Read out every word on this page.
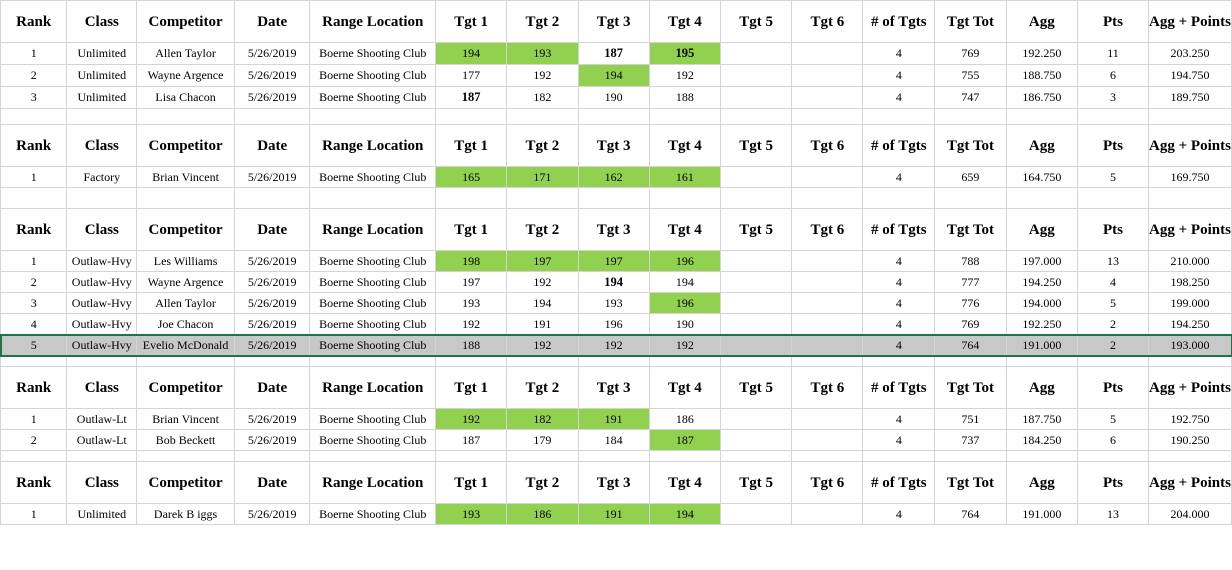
Rank	Class	Competitor	Date	Range Location	Tgt 1	Tgt 2	Tgt 3	Tgt 4	Tgt 5	Tgt 6	# of Tgts	Tgt Tot	Agg	Pts	Agg + Points
1	Unlimited	Allen Taylor	5/26/2019	Boerne Shooting Club	194	193	187	195			4	769	192.250	11	203.250
2	Unlimited	Wayne Argence	5/26/2019	Boerne Shooting Club	177	192	194	192			4	755	188.750	6	194.750
3	Unlimited	Lisa Chacon	5/26/2019	Boerne Shooting Club	187	182	190	188			4	747	186.750	3	189.750

Rank	Class	Competitor	Date	Range Location	Tgt 1	Tgt 2	Tgt 3	Tgt 4	Tgt 5	Tgt 6	# of Tgts	Tgt Tot	Agg	Pts	Agg + Points
1	Factory	Brian Vincent	5/26/2019	Boerne Shooting Club	165	171	162	161			4	659	164.750	5	169.750

Rank	Class	Competitor	Date	Range Location	Tgt 1	Tgt 2	Tgt 3	Tgt 4	Tgt 5	Tgt 6	# of Tgts	Tgt Tot	Agg	Pts	Agg + Points
1	Outlaw-Hvy	Les Williams	5/26/2019	Boerne Shooting Club	198	197	197	196			4	788	197.000	13	210.000
2	Outlaw-Hvy	Wayne Argence	5/26/2019	Boerne Shooting Club	197	192	194	194			4	777	194.250	4	198.250
3	Outlaw-Hvy	Allen Taylor	5/26/2019	Boerne Shooting Club	193	194	193	196			4	776	194.000	5	199.000
4	Outlaw-Hvy	Joe Chacon	5/26/2019	Boerne Shooting Club	192	191	196	190			4	769	192.250	2	194.250
5	Outlaw-Hvy	Evelio McDonald	5/26/2019	Boerne Shooting Club	188	192	192	192			4	764	191.000	2	193.000

Rank	Class	Competitor	Date	Range Location	Tgt 1	Tgt 2	Tgt 3	Tgt 4	Tgt 5	Tgt 6	# of Tgts	Tgt Tot	Agg	Pts	Agg + Points
1	Outlaw-Lt	Brian Vincent	5/26/2019	Boerne Shooting Club	192	182	191	186			4	751	187.750	5	192.750
2	Outlaw-Lt	Bob Beckett	5/26/2019	Boerne Shooting Club	187	179	184	187			4	737	184.250	6	190.250

Rank	Class	Competitor	Date	Range Location	Tgt 1	Tgt 2	Tgt 3	Tgt 4	Tgt 5	Tgt 6	# of Tgts	Tgt Tot	Agg	Pts	Agg + Points
1	Unlimited	Darek B iggs	5/26/2019	Boerne Shooting Club	193	186	191	194			4	764	191.000	13	204.000
